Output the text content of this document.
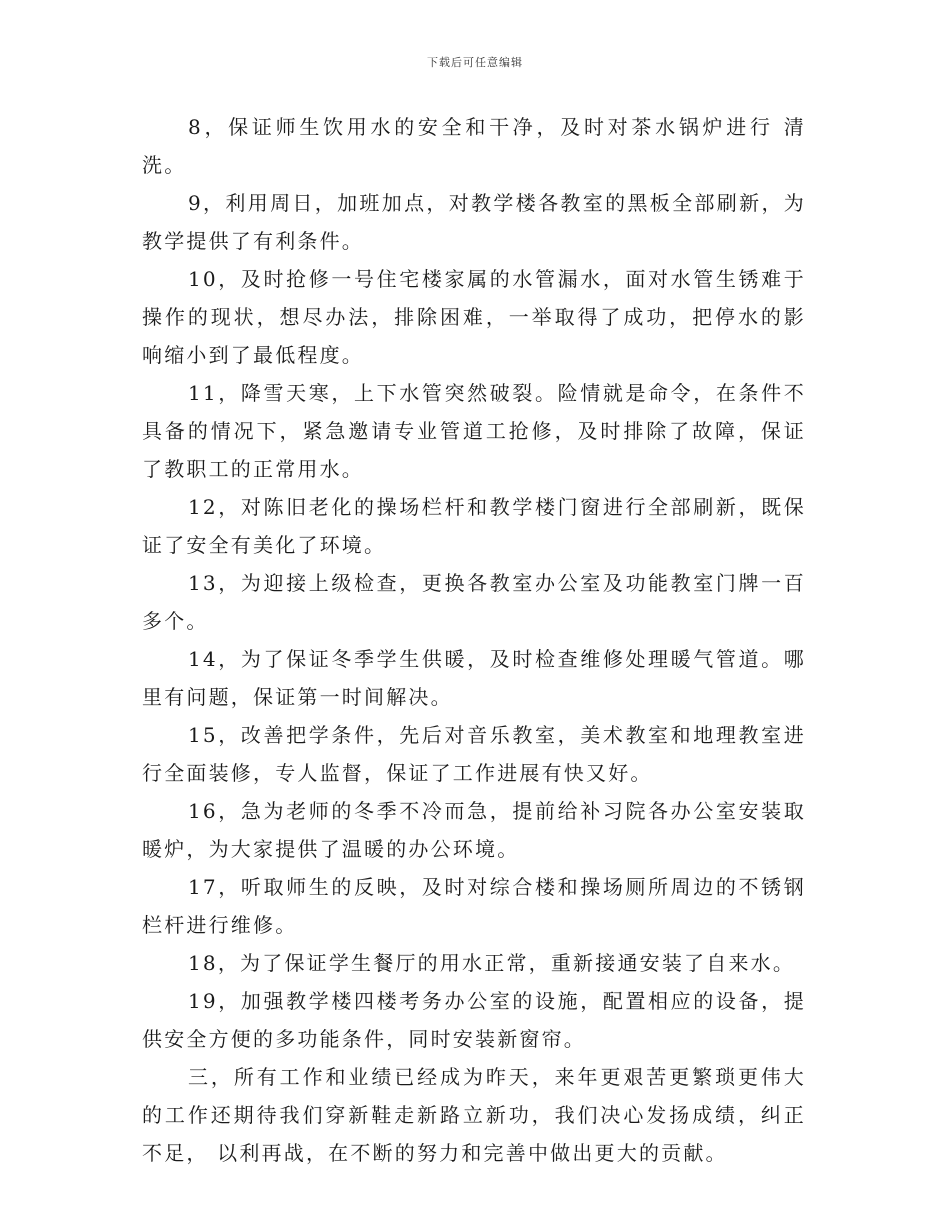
下载后可任意编辑

8，保证师生饮用水的安全和干净，及时对茶水锅炉进行 清洗。

9，利用周日，加班加点，对教学楼各教室的黑板全部刷新，为教学提供了有利条件。

10，及时抢修一号住宅楼家属的水管漏水，面对水管生锈难于操作的现状，想尽办法，排除困难，一举取得了成功，把停水的影响缩小到了最低程度。

11，降雪天寒，上下水管突然破裂。险情就是命令，在条件不具备的情况下，紧急邀请专业管道工抢修，及时排除了故障，保证了教职工的正常用水。

12，对陈旧老化的操场栏杆和教学楼门窗进行全部刷新，既保证了安全有美化了环境。

13，为迎接上级检查，更换各教室办公室及功能教室门牌一百多个。

14，为了保证冬季学生供暖，及时检查维修处理暖气管道。哪 里有问题，保证第一时间解决。

15，改善把学条件，先后对音乐教室，美术教室和地理教室进行全面装修，专人监督，保证了工作进展有快又好。

16，急为老师的冬季不冷而急，提前给补习院各办公室安装取暖炉，为大家提供了温暖的办公环境。

17，听取师生的反映，及时对综合楼和操场厕所周边的不锈钢栏杆进行维修。

18，为了保证学生餐厅的用水正常，重新接通安装了自来水。

19，加强教学楼四楼考务办公室的设施，配置相应的设备，提供安全方便的多功能条件，同时安装新窗帘。

三，所有工作和业绩已经成为昨天，来年更艰苦更繁琐更伟大的工作还期待我们穿新鞋走新路立新功，我们决心发扬成绩，纠正不足， 以利再战，在不断的努力和完善中做出更大的贡献。
